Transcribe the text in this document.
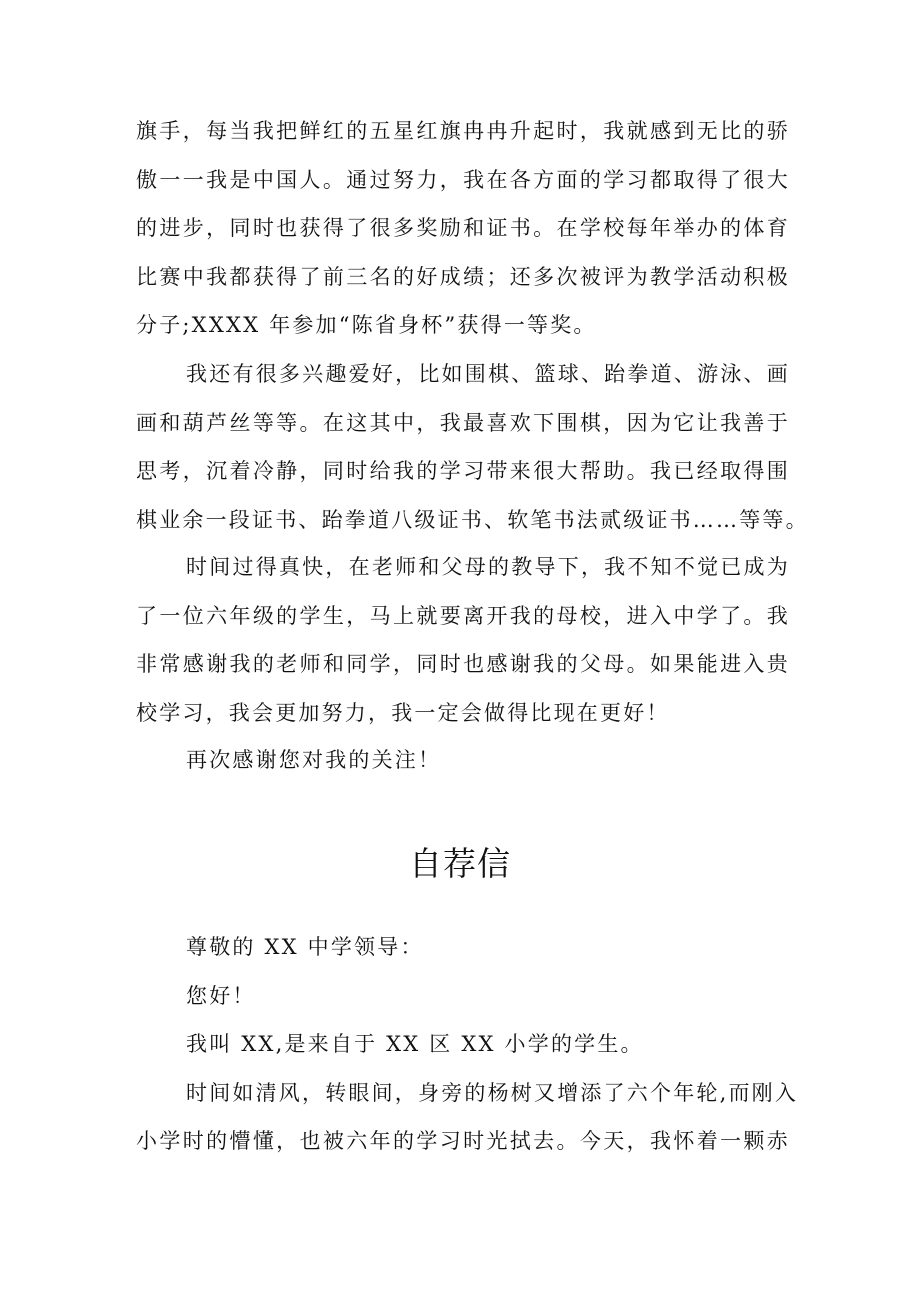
旗手，每当我把鲜红的五星红旗冉冉升起时，我就感到无比的骄
傲一一我是中国人。通过努力，我在各方面的学习都取得了很大
的进步，同时也获得了很多奖励和证书。在学校每年举办的体育
比赛中我都获得了前三名的好成绩；还多次被评为教学活动积极
分子;XXXX 年参加“陈省身杯”获得一等奖。
我还有很多兴趣爱好，比如围棋、篮球、跆拳道、游泳、画
画和葫芦丝等等。在这其中，我最喜欢下围棋，因为它让我善于
思考，沉着冷静，同时给我的学习带来很大帮助。我已经取得围
棋业余一段证书、跆拳道八级证书、软笔书法贰级证书……等等。
时间过得真快，在老师和父母的教导下，我不知不觉已成为
了一位六年级的学生，马上就要离开我的母校，进入中学了。我
非常感谢我的老师和同学，同时也感谢我的父母。如果能进入贵
校学习，我会更加努力，我一定会做得比现在更好！
再次感谢您对我的关注！
自荐信
尊敬的 XX 中学领导：
您好！
我叫 XX,是来自于 XX 区 XX 小学的学生。
时间如清风，转眼间，身旁的杨树又增添了六个年轮,而刚入
小学时的懵懂，也被六年的学习时光拭去。今天，我怀着一颗赤
